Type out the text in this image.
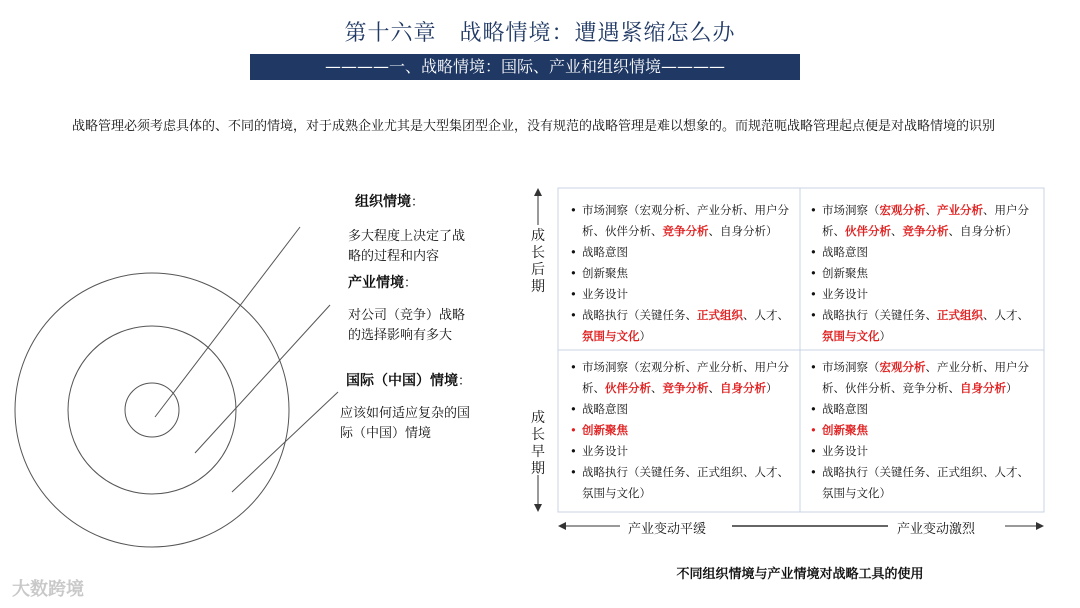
第十六章　战略情境：遭遇紧缩怎么办
————一、战略情境：国际、产业和组织情境————
战略管理必须考虑具体的、不同的情境，对于成熟企业尤其是大型集团型企业，没有规范的战略管理是难以想象的。而规范呃战略管理起点便是对战略情境的识别
组织情境：
多大程度上决定了战
略的过程和内容
产业情境：
对公司（竞争）战略
的选择影响有多大
国际（中国）情境：
应该如何适应复杂的国
际（中国）情境
成长后期
成长早期
产业变动平缓	产业变动激烈
• 市场洞察（宏观分析、产业分析、用户分析、伙伴分析、竞争分析、自身分析）
• 战略意图
• 创新聚焦
• 业务设计
• 战略执行（关键任务、正式组织、人才、氛围与文化）
• 市场洞察（宏观分析、产业分析、用户分析、伙伴分析、竞争分析、自身分析）
• 战略意图
• 创新聚焦
• 业务设计
• 战略执行（关键任务、正式组织、人才、氛围与文化）
• 市场洞察（宏观分析、产业分析、用户分析、伙伴分析、竞争分析、自身分析）
• 战略意图
• 创新聚焦
• 业务设计
• 战略执行（关键任务、正式组织、人才、氛围与文化）
• 市场洞察（宏观分析、产业分析、用户分析、伙伴分析、竞争分析、自身分析）
• 战略意图
• 创新聚焦
• 业务设计
• 战略执行（关键任务、正式组织、人才、氛围与文化）
不同组织情境与产业情境对战略工具的使用
大数跨境
